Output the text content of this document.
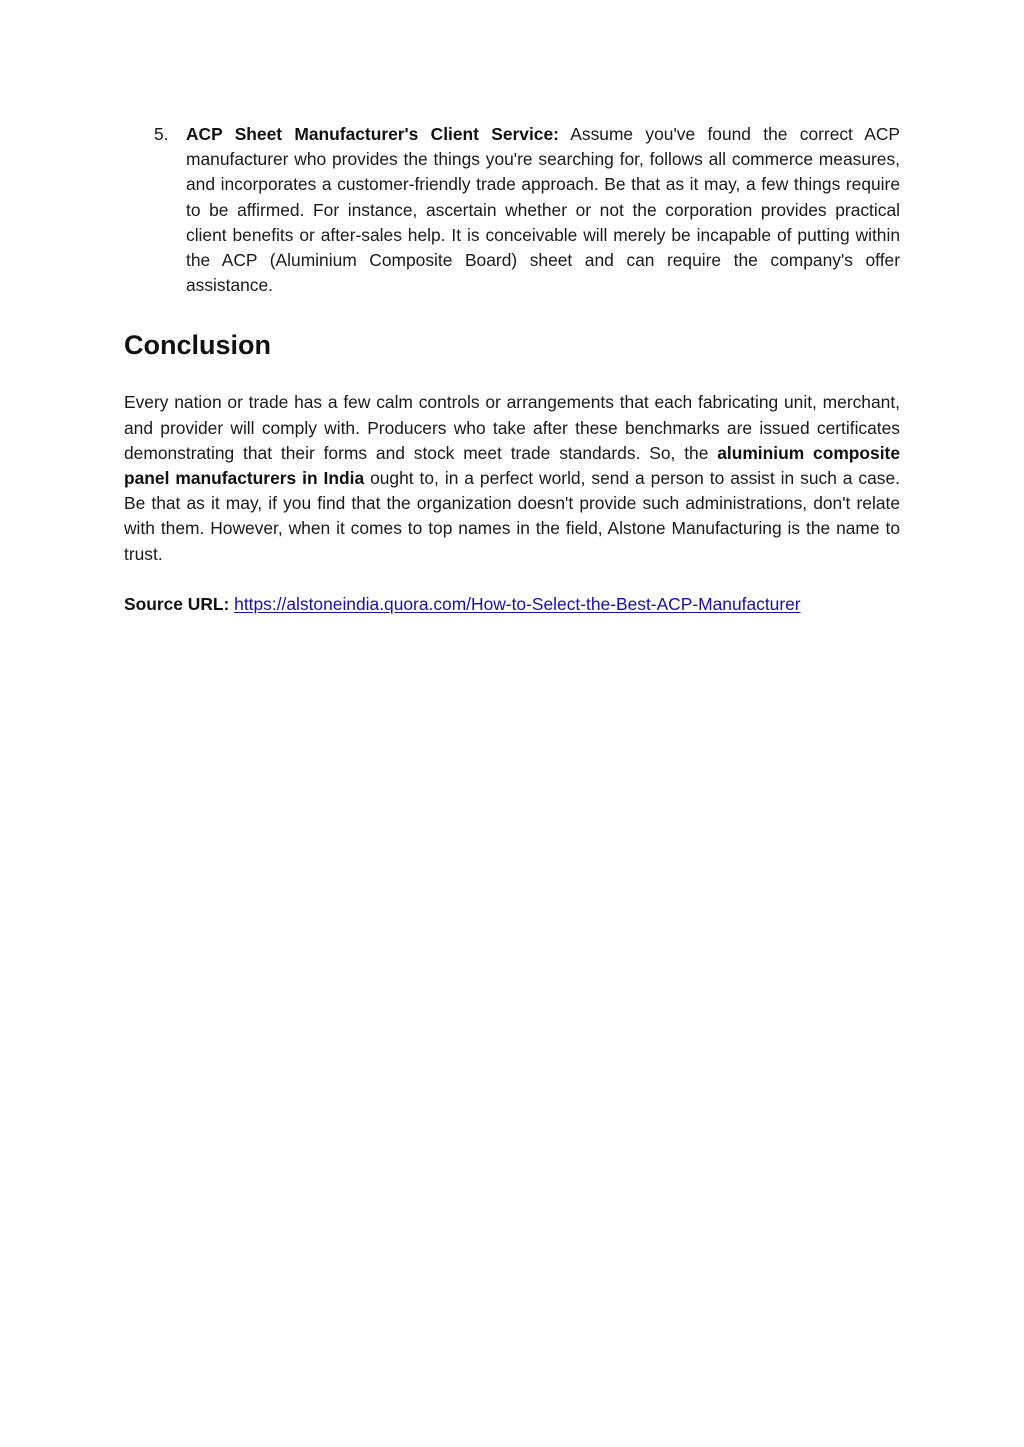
5.	ACP Sheet Manufacturer's Client Service: Assume you've found the correct ACP manufacturer who provides the things you're searching for, follows all commerce measures, and incorporates a customer-friendly trade approach. Be that as it may, a few things require to be affirmed. For instance, ascertain whether or not the corporation provides practical client benefits or after-sales help. It is conceivable will merely be incapable of putting within the ACP (Aluminium Composite Board) sheet and can require the company's offer assistance.
Conclusion

Every nation or trade has a few calm controls or arrangements that each fabricating unit, merchant, and provider will comply with. Producers who take after these benchmarks are issued certificates demonstrating that their forms and stock meet trade standards. So, the aluminium composite panel manufacturers in India ought to, in a perfect world, send a person to assist in such a case. Be that as it may, if you find that the organization doesn't provide such administrations, don't relate with them. However, when it comes to top names in the field, Alstone Manufacturing is the name to trust.

Source URL: https://alstoneindia.quora.com/How-to-Select-the-Best-ACP-Manufacturer
